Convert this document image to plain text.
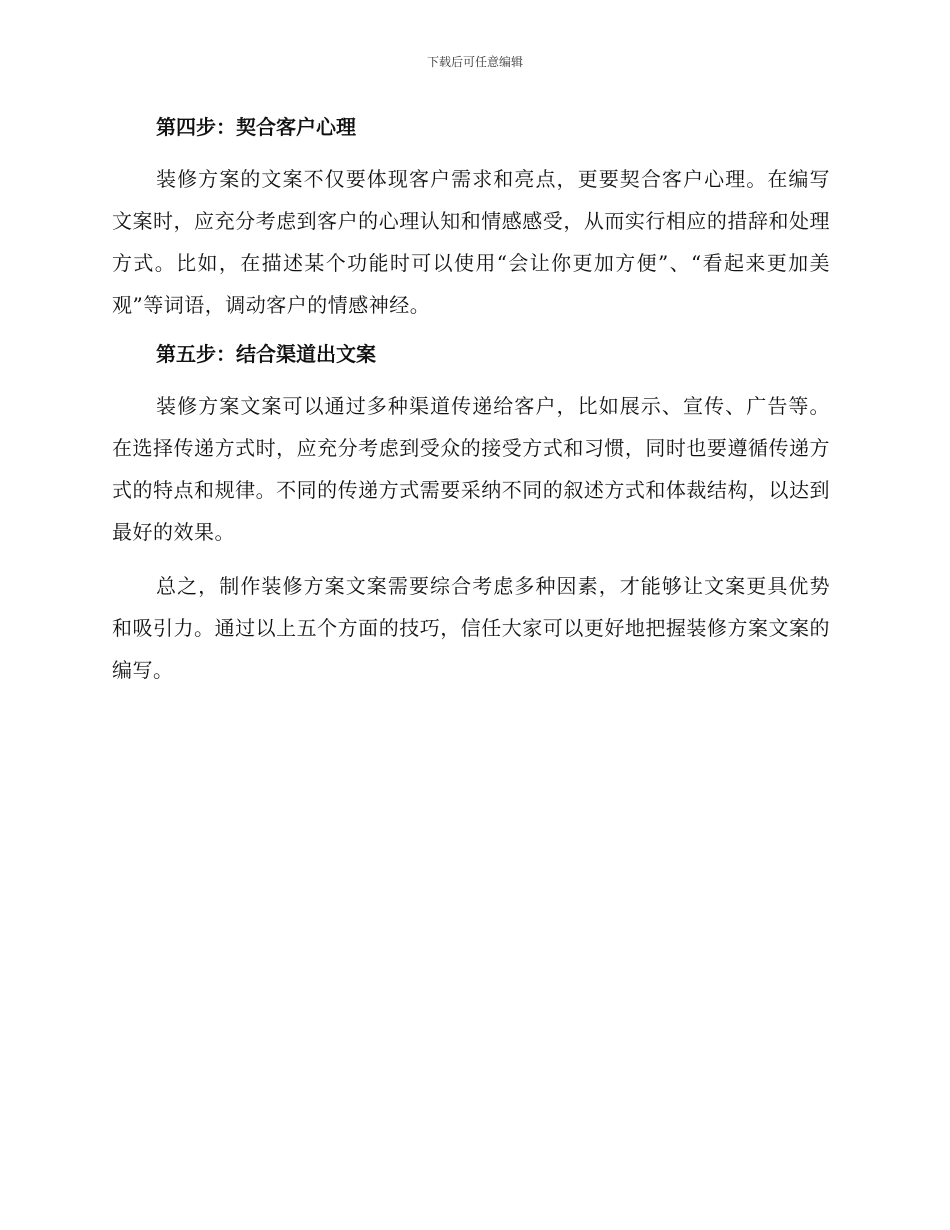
下载后可任意编辑
第四步：契合客户心理

装修方案的文案不仅要体现客户需求和亮点，更要契合客户心理。在编写文案时，应充分考虑到客户的心理认知和情感感受，从而实行相应的措辞和处理方式。比如，在描述某个功能时可以使用“会让你更加方便”、“看起来更加美观”等词语，调动客户的情感神经。

第五步：结合渠道出文案

装修方案文案可以通过多种渠道传递给客户，比如展示、宣传、广告等。在选择传递方式时，应充分考虑到受众的接受方式和习惯，同时也要遵循传递方式的特点和规律。不同的传递方式需要采纳不同的叙述方式和体裁结构，以达到最好的效果。

总之，制作装修方案文案需要综合考虑多种因素，才能够让文案更具优势和吸引力。通过以上五个方面的技巧，信任大家可以更好地把握装修方案文案的编写。
